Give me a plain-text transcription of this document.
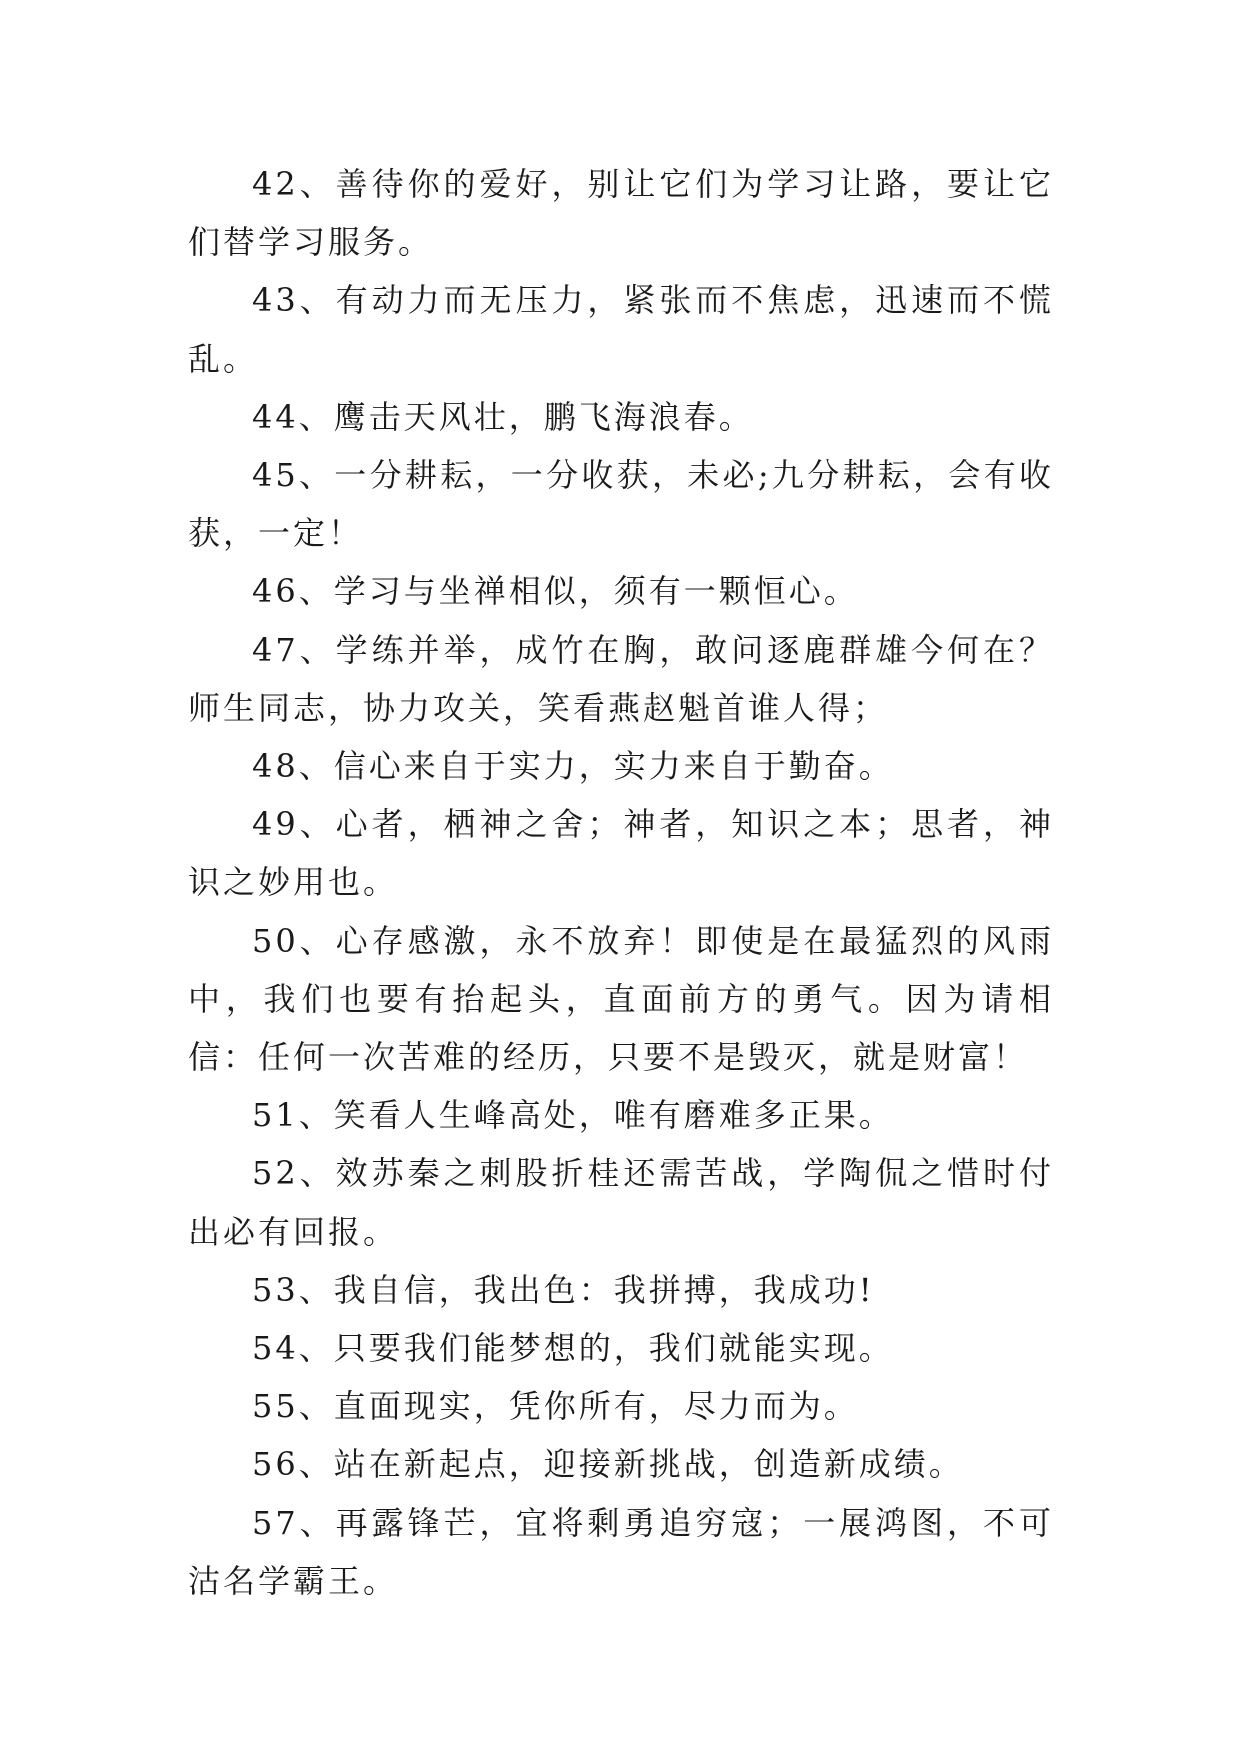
42、善待你的爱好，别让它们为学习让路，要让它们替学习服务。

43、有动力而无压力，紧张而不焦虑，迅速而不慌乱。

44、鹰击天风壮，鹏飞海浪春。

45、一分耕耘，一分收获，未必;九分耕耘，会有收获，一定！

46、学习与坐禅相似，须有一颗恒心。

47、学练并举，成竹在胸，敢问逐鹿群雄今何在？师生同志，协力攻关，笑看燕赵魁首谁人得；

48、信心来自于实力，实力来自于勤奋。

49、心者，栖神之舍；神者，知识之本；思者，神识之妙用也。

50、心存感激，永不放弃！即使是在最猛烈的风雨中，我们也要有抬起头，直面前方的勇气。因为请相信：任何一次苦难的经历，只要不是毁灭，就是财富！

51、笑看人生峰高处，唯有磨难多正果。

52、效苏秦之刺股折桂还需苦战，学陶侃之惜时付出必有回报。

53、我自信，我出色：我拼搏，我成功!

54、只要我们能梦想的，我们就能实现。

55、直面现实，凭你所有，尽力而为。

56、站在新起点，迎接新挑战，创造新成绩。

57、再露锋芒，宜将剩勇追穷寇；一展鸿图，不可沽名学霸王。
